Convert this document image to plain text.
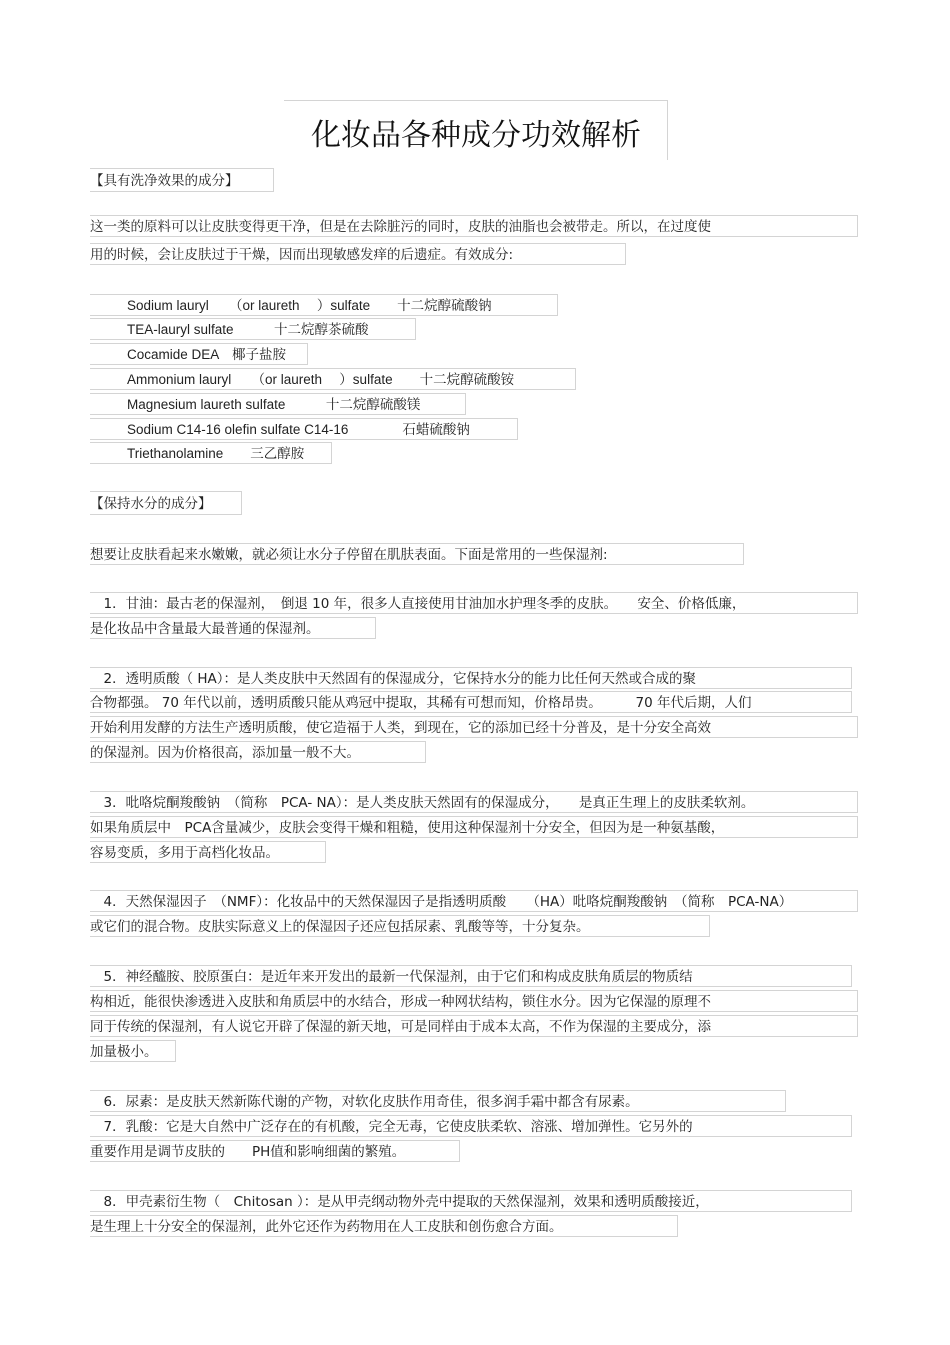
化妆品各种成分功效解析
【具有洗净效果的成分】
这一类的原料可以让皮肤变得更干净，但是在去除脏污的同时，皮肤的油脂也会被带走。所以，在过度使
用的时候，会让皮肤过于干燥，因而出现敏感发痒的后遗症。有效成分:
Sodium lauryl　　（or laureth　 ）sulfate　　十二烷醇硫酸钠
TEA-lauryl sulfate　　　十二烷醇茶硫酸
Cocamide DEA　椰子盐胺
Ammonium lauryl　　（or laureth　 ）sulfate　　十二烷醇硫酸铵
Magnesium laureth sulfate　　　十二烷醇硫酸镁
Sodium C14-16 olefin sulfate C14-16　　　　石蜡硫酸钠
Triethanolamine　　三乙醇胺
【保持水分的成分】
想要让皮肤看起来水嫩嫩，就必须让水分子停留在肌肤表面。下面是常用的一些保湿剂:
　1．甘油：最古老的保湿剂，　倒退 10 年，很多人直接使用甘油加水护理冬季的皮肤。　　安全、价格低廉，
是化妆品中含量最大最普通的保湿剂。
　2．透明质酸（ HA）：是人类皮肤中天然固有的保湿成分，它保持水分的能力比任何天然或合成的聚
合物都强。 70 年代以前，透明质酸只能从鸡冠中提取，其稀有可想而知，价格昂贵。　　　70 年代后期，人们
开始利用发酵的方法生产透明质酸，使它造福于人类，到现在，它的添加已经十分普及，是十分安全高效
的保湿剂。因为价格很高，添加量一般不大。
　3．吡咯烷酮羧酸钠　（简称　PCA- NA）：是人类皮肤天然固有的保湿成分，　　是真正生理上的皮肤柔软剂。
如果角质层中　PCA含量减少，皮肤会变得干燥和粗糙，使用这种保湿剂十分安全，但因为是一种氨基酸，
容易变质，多用于高档化妆品。
　4．天然保湿因子　（NMF）：化妆品中的天然保湿因子是指透明质酸　　（HA）吡咯烷酮羧酸钠　（简称　PCA-NA）
或它们的混合物。皮肤实际意义上的保湿因子还应包括尿素、乳酸等等，十分复杂。
　5．神经醯胺、胶原蛋白：是近年来开发出的最新一代保湿剂，由于它们和构成皮肤角质层的物质结
构相近，能很快渗透进入皮肤和角质层中的水结合，形成一种网状结构，锁住水分。因为它保湿的原理不
同于传统的保湿剂，有人说它开辟了保湿的新天地，可是同样由于成本太高，不作为保湿的主要成分，添
加量极小。
　6．尿素：是皮肤天然新陈代谢的产物，对软化皮肤作用奇佳，很多润手霜中都含有尿素。
　7．乳酸：它是大自然中广泛存在的有机酸，完全无毒，它使皮肤柔软、溶涨、增加弹性。它另外的
重要作用是调节皮肤的　　PH值和影响细菌的繁殖。
　8．甲壳素衍生物（　Chitosan ）：是从甲壳纲动物外壳中提取的天然保湿剂，效果和透明质酸接近，
是生理上十分安全的保湿剂，此外它还作为药物用在人工皮肤和创伤愈合方面。
